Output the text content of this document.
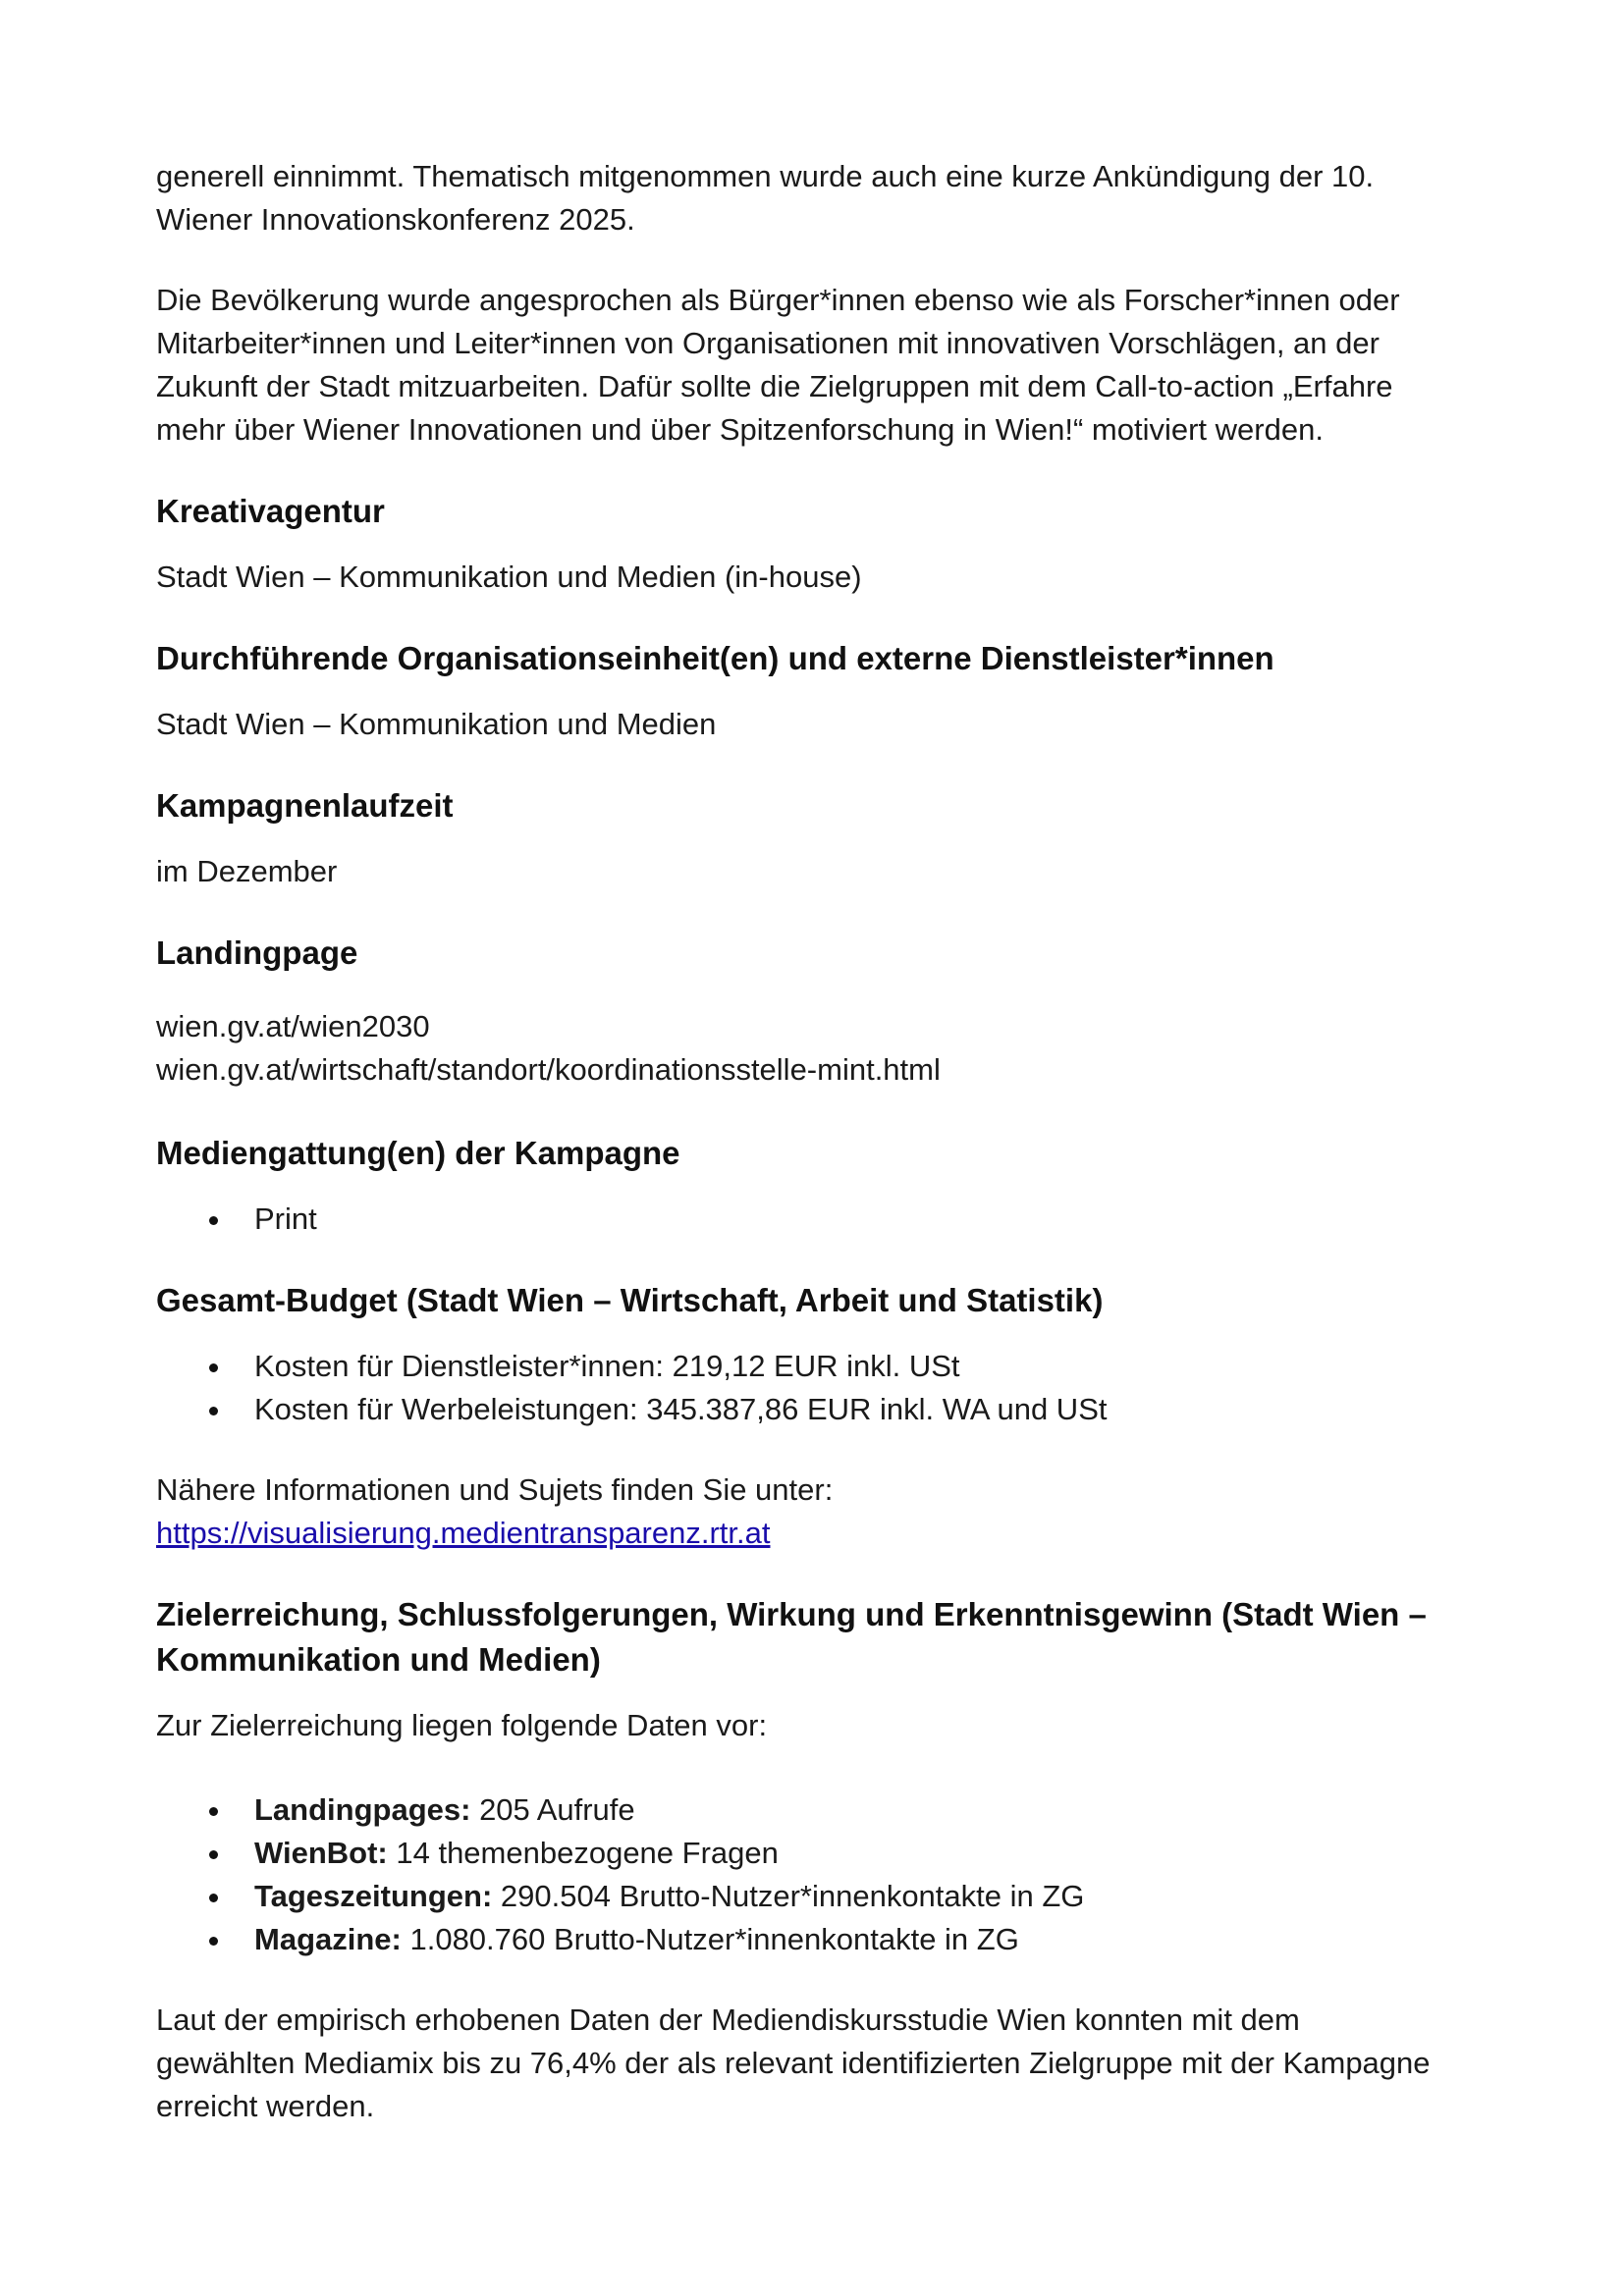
generell einnimmt. Thematisch mitgenommen wurde auch eine kurze Ankündigung der 10.
Wiener Innovationskonferenz 2025.

Die Bevölkerung wurde angesprochen als Bürger*innen ebenso wie als Forscher*innen oder
Mitarbeiter*innen und Leiter*innen von Organisationen mit innovativen Vorschlägen, an der
Zukunft der Stadt mitzuarbeiten. Dafür sollte die Zielgruppen mit dem Call-to-action „Erfahre
mehr über Wiener Innovationen und über Spitzenforschung in Wien!“ motiviert werden.

Kreativagentur

Stadt Wien – Kommunikation und Medien (in-house)

Durchführende Organisationseinheit(en) und externe Dienstleister*innen

Stadt Wien – Kommunikation und Medien

Kampagnenlaufzeit

im Dezember

Landingpage

wien.gv.at/wien2030
wien.gv.at/wirtschaft/standort/koordinationsstelle-mint.html

Mediengattung(en) der Kampagne
Print
Gesamt-Budget (Stadt Wien – Wirtschaft, Arbeit und Statistik)
Kosten für Dienstleister*innen: 219,12 EUR inkl. USt
Kosten für Werbeleistungen: 345.387,86 EUR inkl. WA und USt

Nähere Informationen und Sujets finden Sie unter:
https://visualisierung.medientransparenz.rtr.at

Zielerreichung, Schlussfolgerungen, Wirkung und Erkenntnisgewinn (Stadt Wien –
Kommunikation und Medien)

Zur Zielerreichung liegen folgende Daten vor:

Landingpages: 205 Aufrufe
WienBot: 14 themenbezogene Fragen
Tageszeitungen: 290.504 Brutto-Nutzer*innenkontakte in ZG
Magazine: 1.080.760 Brutto-Nutzer*innenkontakte in ZG

Laut der empirisch erhobenen Daten der Mediendiskursstudie Wien konnten mit dem
gewählten Mediamix bis zu 76,4% der als relevant identifizierten Zielgruppe mit der Kampagne
erreicht werden.
